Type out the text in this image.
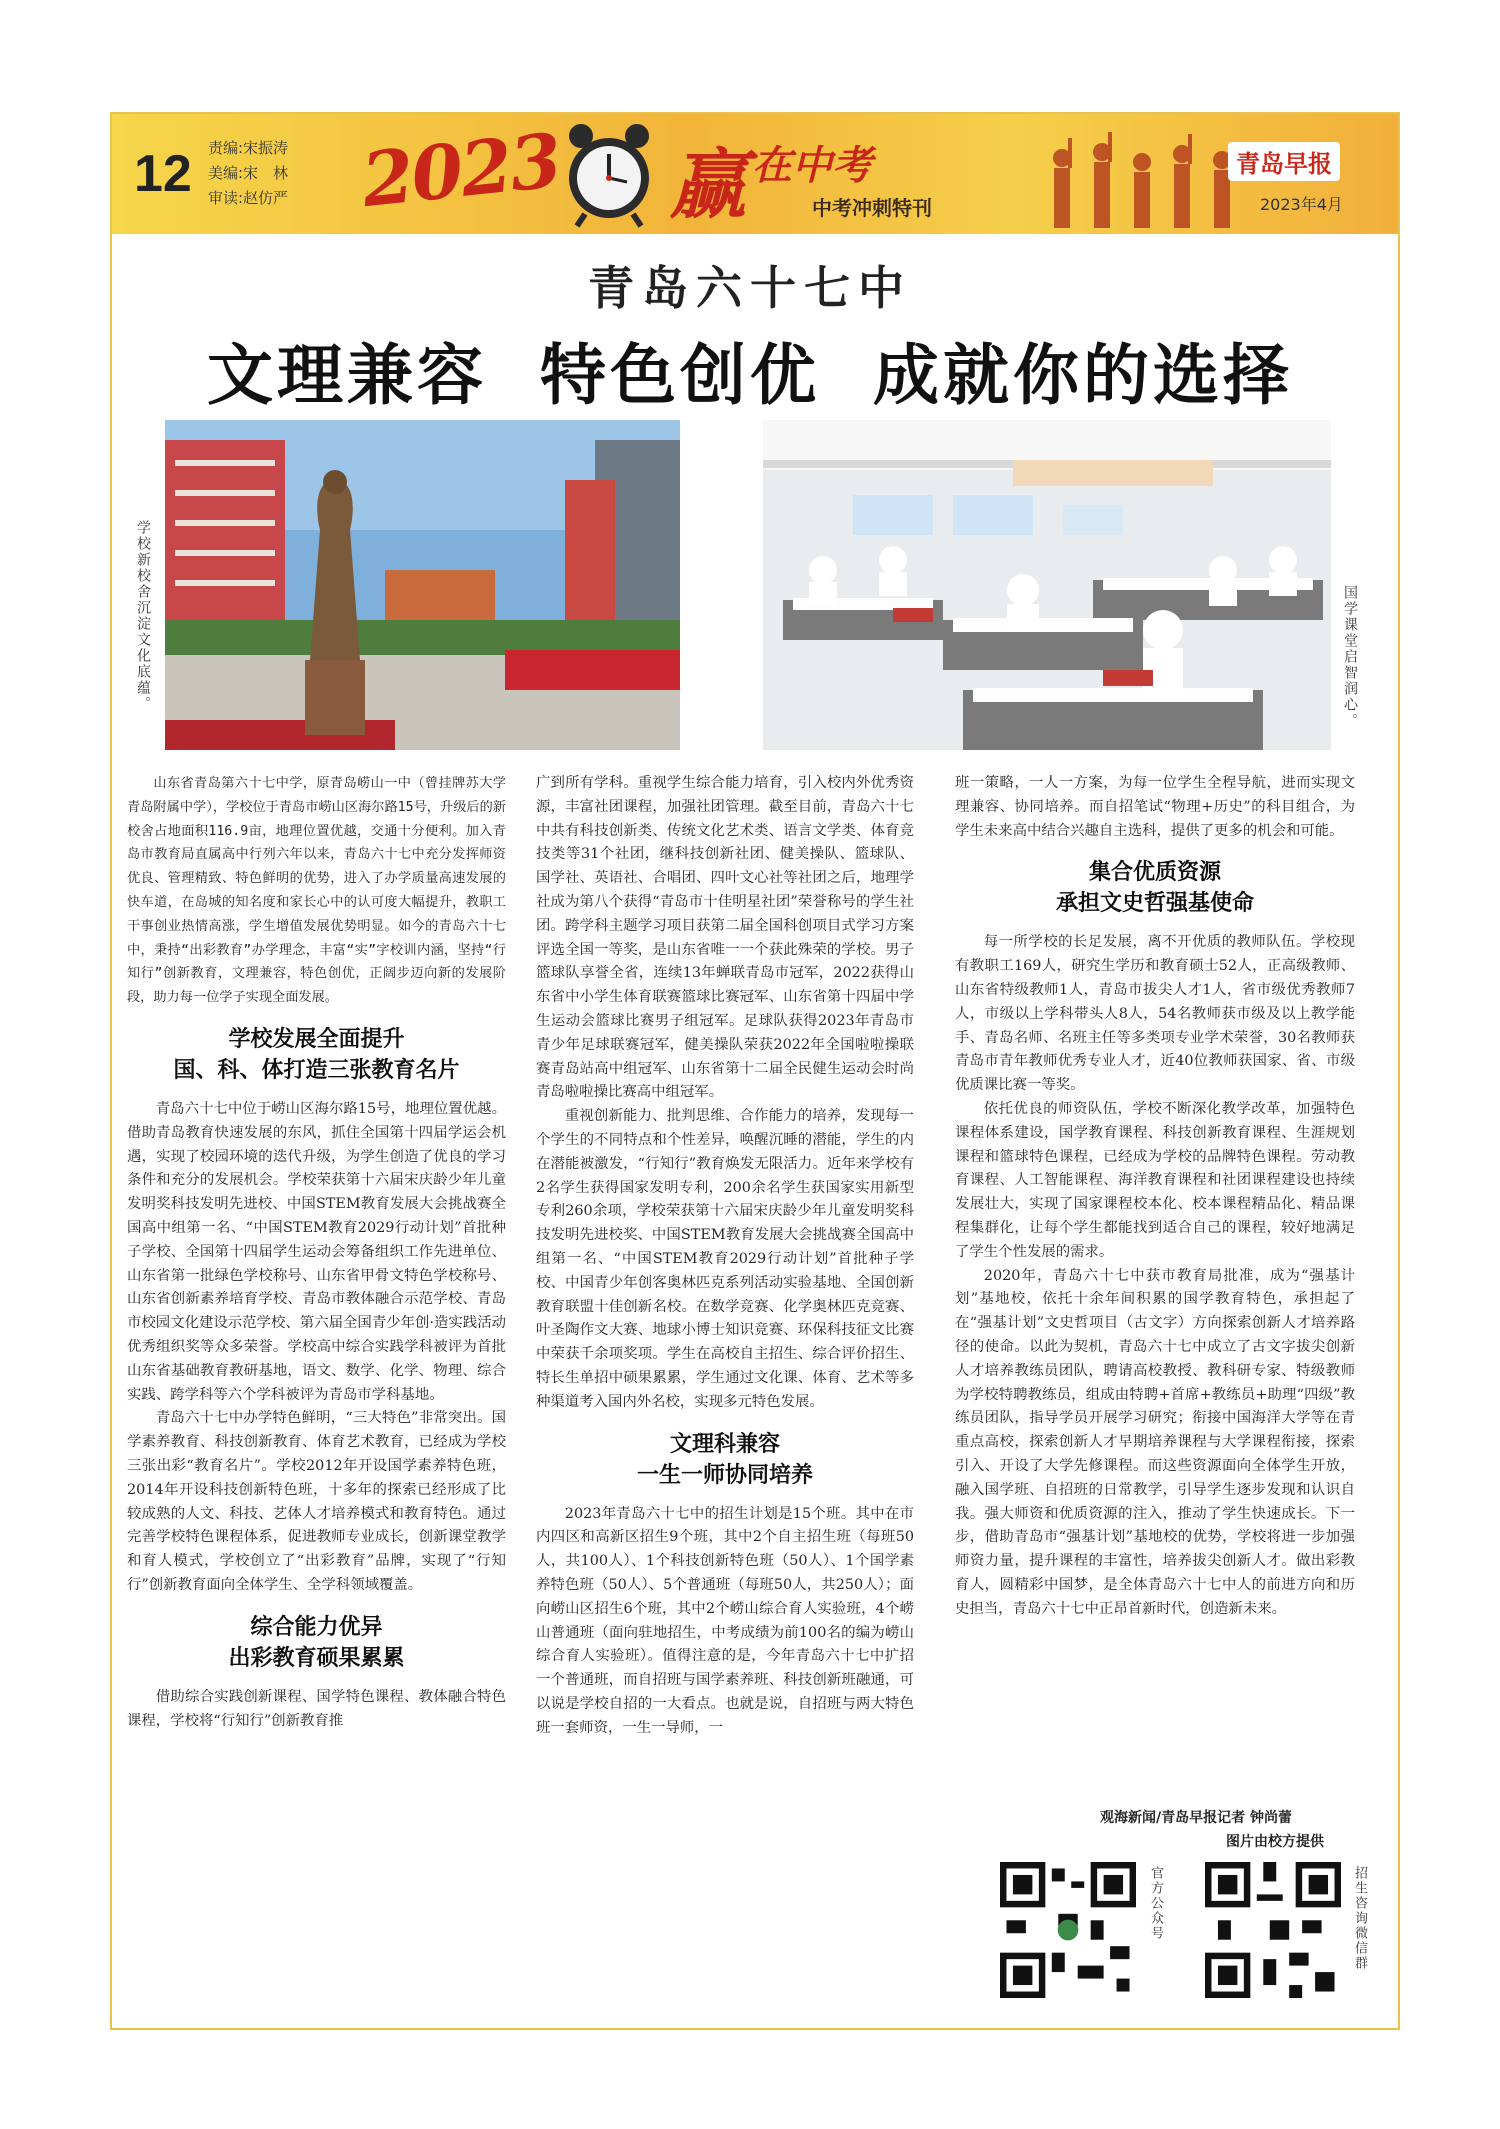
12 责编:宋振涛
美编:宋　林
审读:赵仿严 2023 赢 在中考
中考冲刺特刊
青岛早报
2023年4月
青岛六十七中
文理兼容 特色创优 成就你的选择
学校新校舍沉淀文化底蕴。	国学课堂启智润心。

山东省青岛第六十七中学，原青岛崂山一中（曾挂牌苏大学青岛附属中学），学校位于青岛市崂山区海尔路15号，升级后的新校舍占地面积116.9亩，地理位置优越，交通十分便利。加入青岛市教育局直属高中行列六年以来，青岛六十七中充分发挥师资优良、管理精致、特色鲜明的优势，进入了办学质量高速发展的快车道，在岛城的知名度和家长心中的认可度大幅提升，教职工干事创业热情高涨，学生增值发展优势明显。如今的青岛六十七中，秉持“出彩教育”办学理念，丰富“实”字校训内涵，坚持“行知行”创新教育，文理兼容，特色创优，正阔步迈向新的发展阶段，助力每一位学子实现全面发展。

学校发展全面提升
国、科、体打造三张教育名片

青岛六十七中位于崂山区海尔路15号，地理位置优越。借助青岛教育快速发展的东风，抓住全国第十四届学运会机遇，实现了校园环境的迭代升级，为学生创造了优良的学习条件和充分的发展机会。学校荣获第十六届宋庆龄少年儿童发明奖科技发明先进校、中国STEM教育发展大会挑战赛全国高中组第一名、“中国STEM教育2029行动计划”首批种子学校、全国第十四届学生运动会筹备组织工作先进单位、山东省第一批绿色学校称号、山东省甲骨文特色学校称号、山东省创新素养培育学校、青岛市教体融合示范学校、青岛市校园文化建设示范学校、第六届全国青少年创·造实践活动优秀组织奖等众多荣誉。学校高中综合实践学科被评为首批山东省基础教育教研基地，语文、数学、化学、物理、综合实践、跨学科等六个学科被评为青岛市学科基地。

青岛六十七中办学特色鲜明，“三大特色”非常突出。国学素养教育、科技创新教育、体育艺术教育，已经成为学校三张出彩“教育名片”。学校2012年开设国学素养特色班，2014年开设科技创新特色班，十多年的探索已经形成了比较成熟的人文、科技、艺体人才培养模式和教育特色。通过完善学校特色课程体系，促进教师专业成长，创新课堂教学和育人模式，学校创立了“出彩教育”品牌，实现了“行知行”创新教育面向全体学生、全学科领域覆盖。

综合能力优异
出彩教育硕果累累

借助综合实践创新课程、国学特色课程、教体融合特色课程，学校将“行知行”创新教育推

广到所有学科。重视学生综合能力培育，引入校内外优秀资源，丰富社团课程，加强社团管理。截至目前，青岛六十七中共有科技创新类、传统文化艺术类、语言文学类、体育竞技类等31个社团，继科技创新社团、健美操队、篮球队、国学社、英语社、合唱团、四叶文心社等社团之后，地理学社成为第八个获得“青岛市十佳明星社团”荣誉称号的学生社团。跨学科主题学习项目获第二届全国科创项目式学习方案评选全国一等奖，是山东省唯一一个获此殊荣的学校。男子篮球队享誉全省，连续13年蝉联青岛市冠军，2022获得山东省中小学生体育联赛篮球比赛冠军、山东省第十四届中学生运动会篮球比赛男子组冠军。足球队获得2023年青岛市青少年足球联赛冠军，健美操队荣获2022年全国啦啦操联赛青岛站高中组冠军、山东省第十二届全民健生运动会时尚青岛啦啦操比赛高中组冠军。

重视创新能力、批判思维、合作能力的培养，发现每一个学生的不同特点和个性差异，唤醒沉睡的潜能，学生的内在潜能被激发，“行知行”教育焕发无限活力。近年来学校有2名学生获得国家发明专利，200余名学生获国家实用新型专利260余项，学校荣获第十六届宋庆龄少年儿童发明奖科技发明先进校奖、中国STEM教育发展大会挑战赛全国高中组第一名、“中国STEM教育2029行动计划”首批种子学校、中国青少年创客奥林匹克系列活动实验基地、全国创新教育联盟十佳创新名校。在数学竞赛、化学奥林匹克竞赛、叶圣陶作文大赛、地球小博士知识竞赛、环保科技征文比赛中荣获千余项奖项。学生在高校自主招生、综合评价招生、特长生单招中硕果累累，学生通过文化课、体育、艺术等多种渠道考入国内外名校，实现多元特色发展。

文理科兼容
一生一师协同培养

2023年青岛六十七中的招生计划是15个班。其中在市内四区和高新区招生9个班，其中2个自主招生班（每班50人，共100人）、1个科技创新特色班（50人）、1个国学素养特色班（50人）、5个普通班（每班50人，共250人）；面向崂山区招生6个班，其中2个崂山综合育人实验班，4个崂山普通班（面向驻地招生，中考成绩为前100名的编为崂山综合育人实验班）。值得注意的是，今年青岛六十七中扩招一个普通班，而自招班与国学素养班、科技创新班融通，可以说是学校自招的一大看点。也就是说，自招班与两大特色班一套师资，一生一导师，一

班一策略，一人一方案，为每一位学生全程导航，进而实现文理兼容、协同培养。而自招笔试“物理+历史”的科目组合，为学生未来高中结合兴趣自主选科，提供了更多的机会和可能。

集合优质资源
承担文史哲强基使命

每一所学校的长足发展，离不开优质的教师队伍。学校现有教职工169人，研究生学历和教育硕士52人，正高级教师、山东省特级教师1人，青岛市拔尖人才1人，省市级优秀教师7人，市级以上学科带头人8人，54名教师获市级及以上教学能手、青岛名师、名班主任等多类项专业学术荣誉，30名教师获青岛市青年教师优秀专业人才，近40位教师获国家、省、市级优质课比赛一等奖。

依托优良的师资队伍，学校不断深化教学改革，加强特色课程体系建设，国学教育课程、科技创新教育课程、生涯规划课程和篮球特色课程，已经成为学校的品牌特色课程。劳动教育课程、人工智能课程、海洋教育课程和社团课程建设也持续发展壮大，实现了国家课程校本化、校本课程精品化、精品课程集群化，让每个学生都能找到适合自己的课程，较好地满足了学生个性发展的需求。

2020年，青岛六十七中获市教育局批准，成为“强基计划”基地校，依托十余年间积累的国学教育特色，承担起了在“强基计划”文史哲项目（古文字）方向探索创新人才培养路径的使命。以此为契机，青岛六十七中成立了古文字拔尖创新人才培养教练员团队，聘请高校教授、教科研专家、特级教师为学校特聘教练员，组成由特聘+首席+教练员+助理“四级”教练员团队，指导学员开展学习研究；衔接中国海洋大学等在青重点高校，探索创新人才早期培养课程与大学课程衔接，探索引入、开设了大学先修课程。而这些资源面向全体学生开放，融入国学班、自招班的日常教学，引导学生逐步发现和认识自我。强大师资和优质资源的注入，推动了学生快速成长。下一步，借助青岛市“强基计划”基地校的优势，学校将进一步加强师资力量，提升课程的丰富性，培养拔尖创新人才。做出彩教育人，圆精彩中国梦，是全体青岛六十七中人的前进方向和历史担当，青岛六十七中正昂首新时代，创造新未来。

观海新闻/青岛早报记者 钟尚蕾
图片由校方提供
官方公众号	招生咨询微信群
